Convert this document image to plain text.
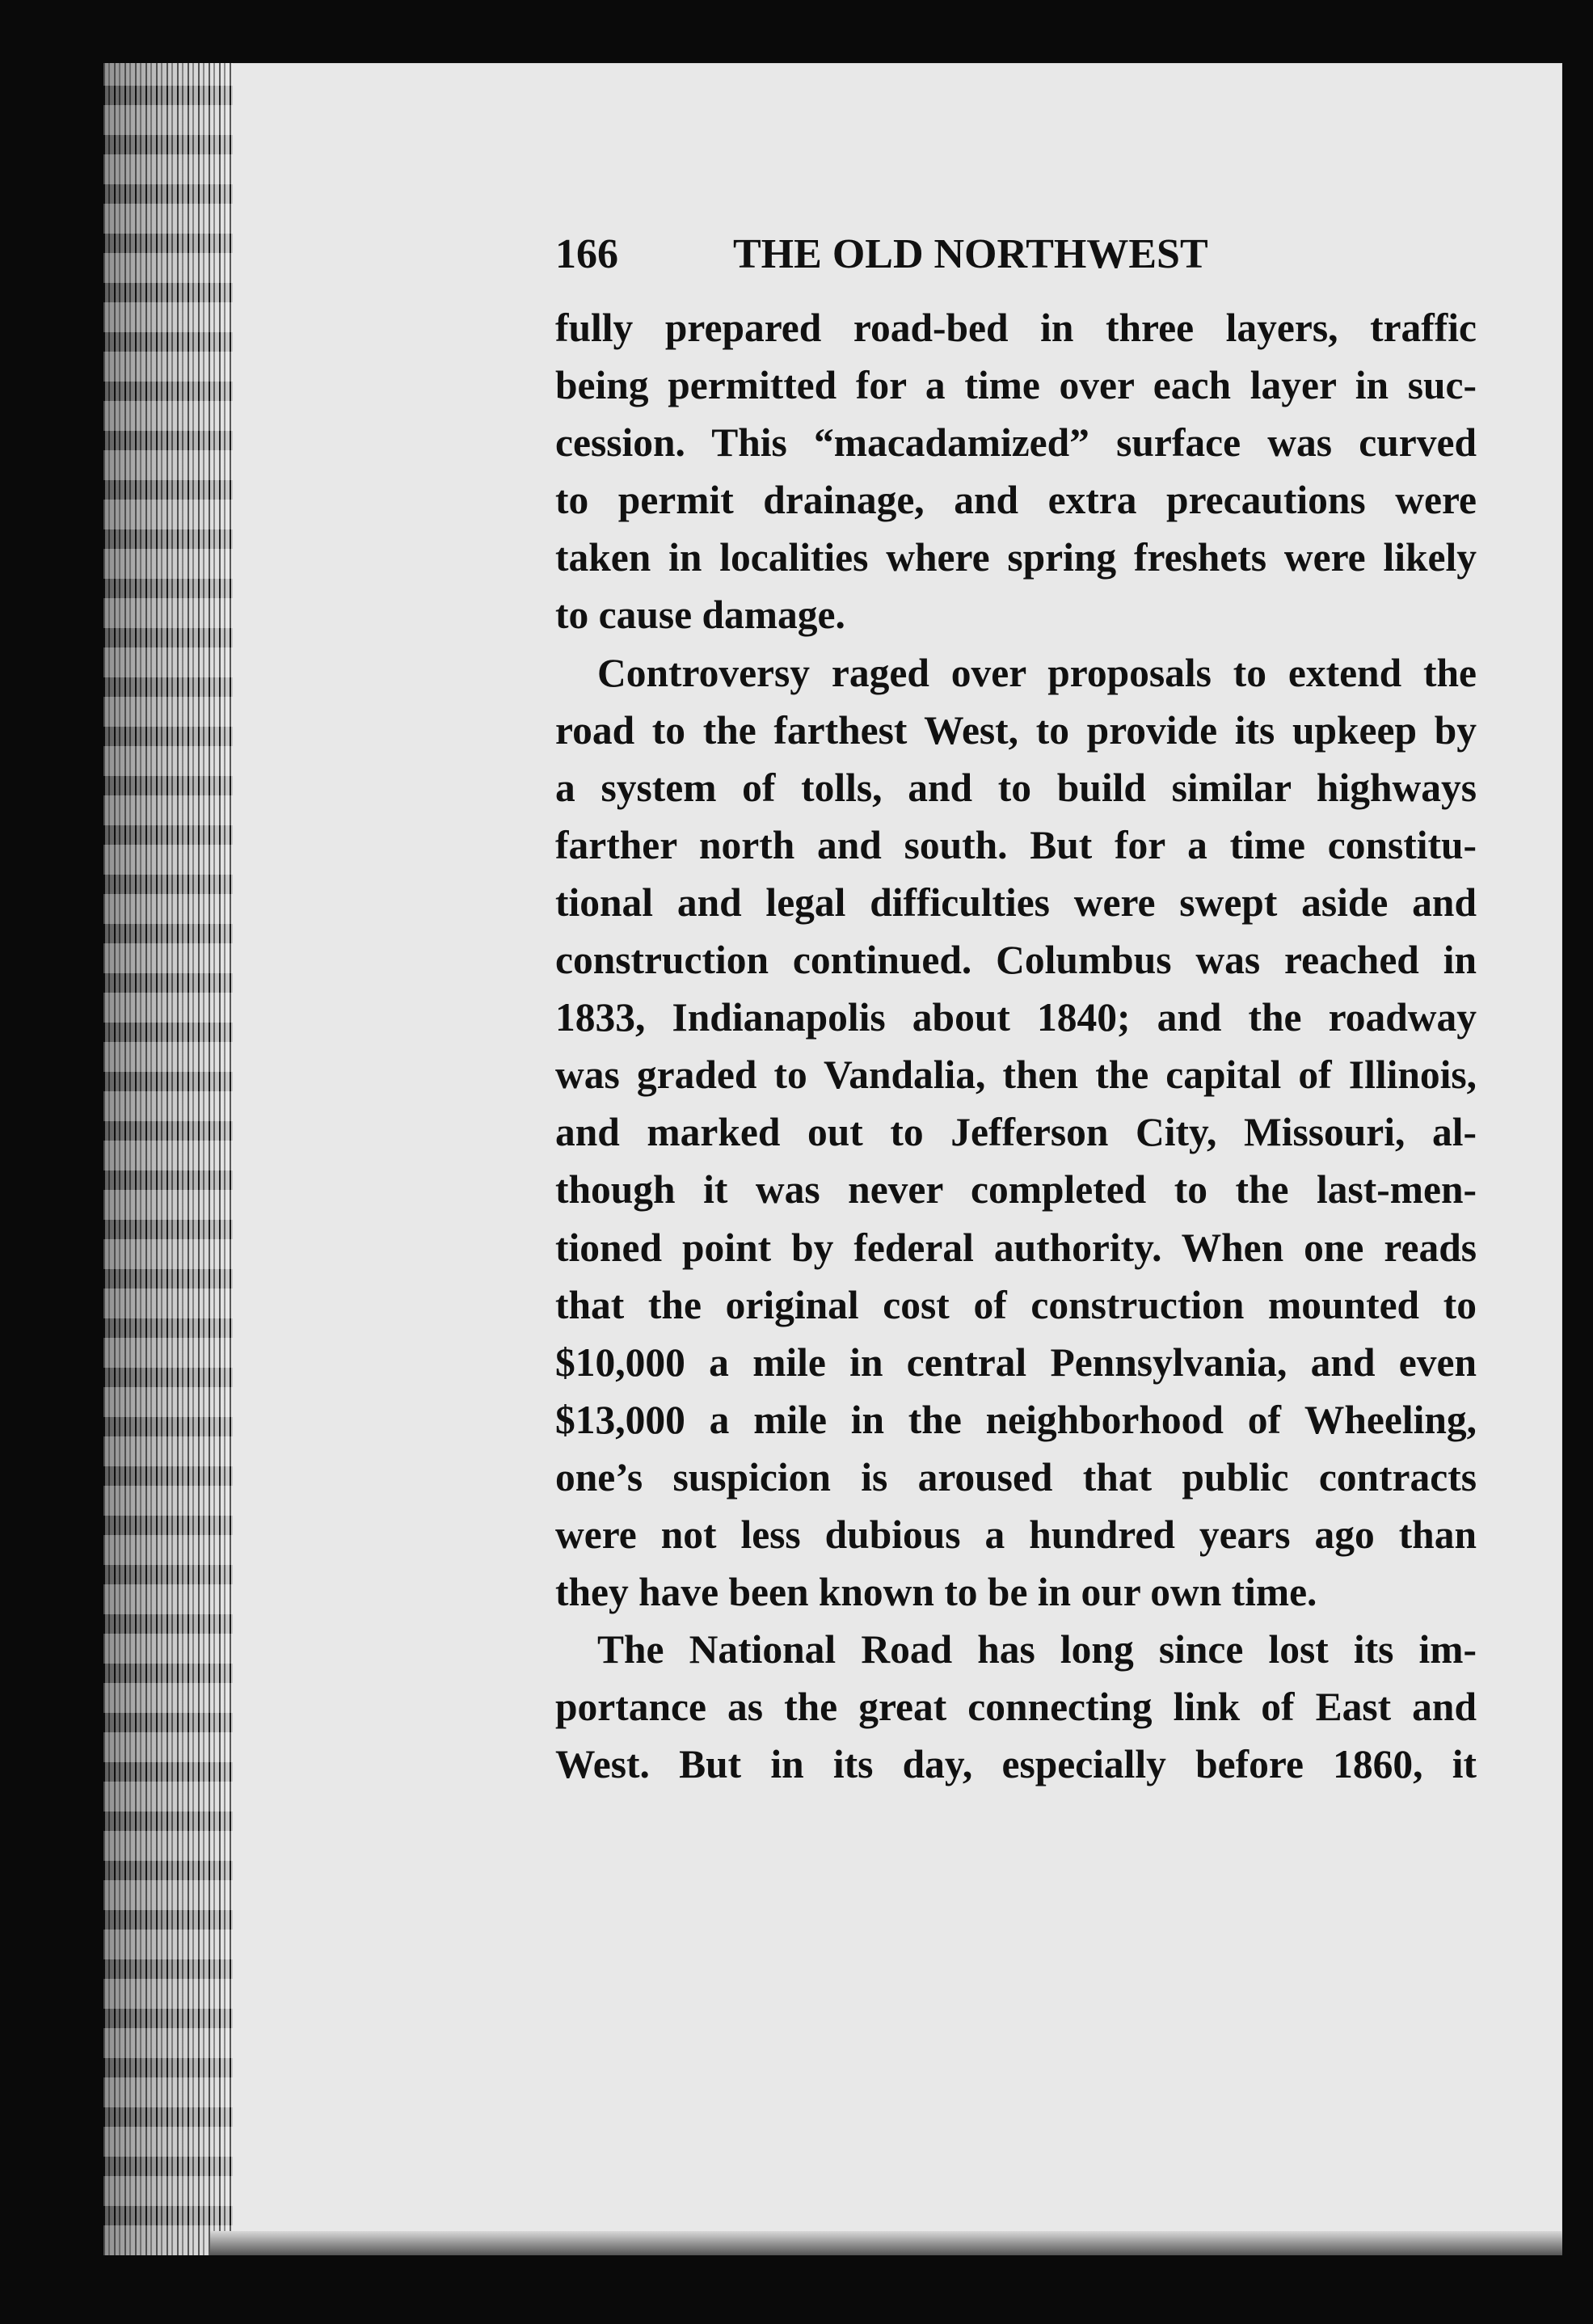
166	THE OLD NORTHWEST
fully prepared road-bed in three layers, traffic
being permitted for a time over each layer in suc-
cession. This “macadamized” surface was curved
to permit drainage, and extra precautions were
taken in localities where spring freshets were likely
to cause damage.
Controversy raged over proposals to extend the
road to the farthest West, to provide its upkeep by
a system of tolls, and to build similar highways
farther north and south. But for a time constitu-
tional and legal difficulties were swept aside and
construction continued. Columbus was reached in
1833, Indianapolis about 1840; and the roadway
was graded to Vandalia, then the capital of Illinois,
and marked out to Jefferson City, Missouri, al-
though it was never completed to the last-men-
tioned point by federal authority. When one reads
that the original cost of construction mounted to
$10,000 a mile in central Pennsylvania, and even
$13,000 a mile in the neighborhood of Wheeling,
one’s suspicion is aroused that public contracts
were not less dubious a hundred years ago than
they have been known to be in our own time.
The National Road has long since lost its im-
portance as the great connecting link of East and
West. But in its day, especially before 1860, it
